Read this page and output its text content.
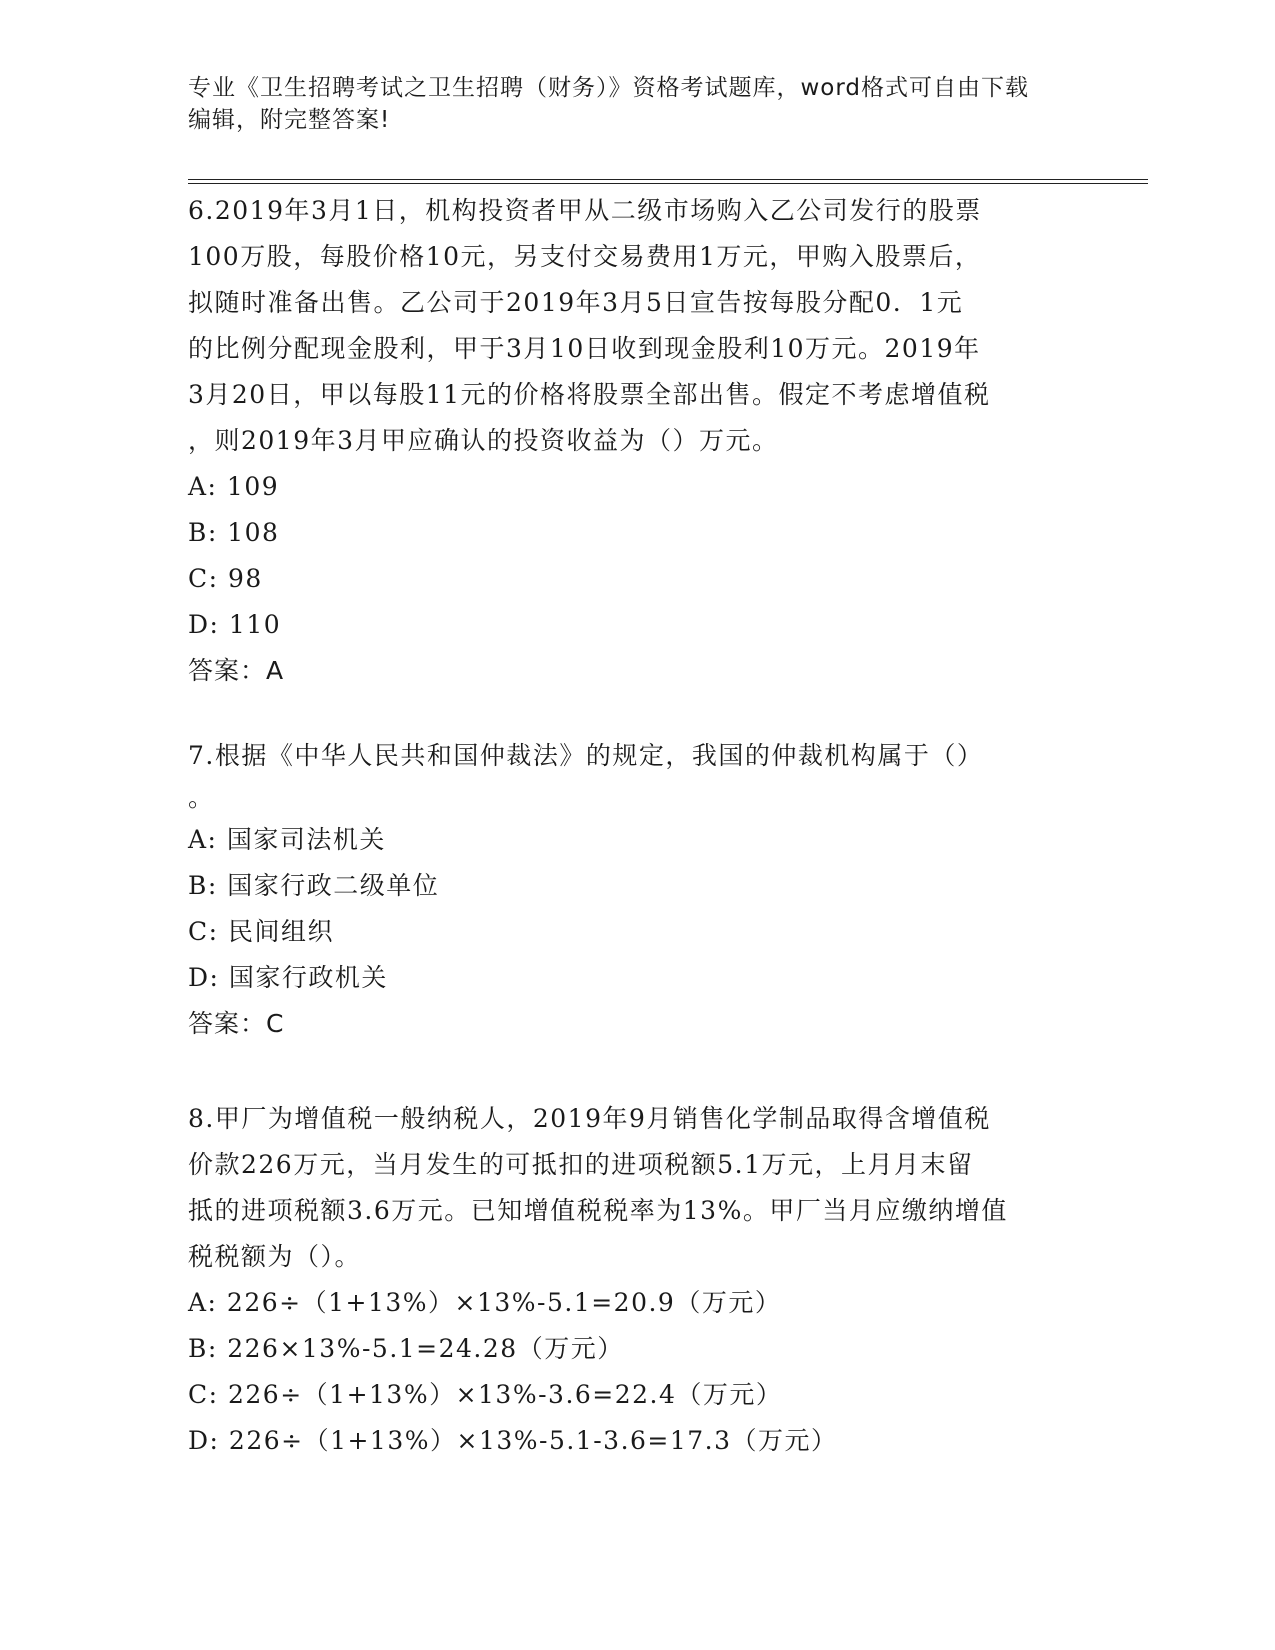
专业《卫生招聘考试之卫生招聘（财务）》资格考试题库，word格式可自由下载
编辑，附完整答案!
6.2019年3月1日，机构投资者甲从二级市场购入乙公司发行的股票
100万股，每股价格10元，另支付交易费用1万元，甲购入股票后，
拟随时准备出售。乙公司于2019年3月5日宣告按每股分配0．1元
的比例分配现金股利，甲于3月10日收到现金股利10万元。2019年
3月20日，甲以每股11元的价格将股票全部出售。假定不考虑增值税
，则2019年3月甲应确认的投资收益为（）万元。
A: 109
B: 108
C: 98
D: 110
答案：A
7.根据《中华人民共和国仲裁法》的规定，我国的仲裁机构属于（）
。
A: 国家司法机关
B: 国家行政二级单位
C: 民间组织
D: 国家行政机关
答案：C
8.甲厂为增值税一般纳税人，2019年9月销售化学制品取得含增值税
价款226万元，当月发生的可抵扣的进项税额5.1万元，上月月末留
抵的进项税额3.6万元。已知增值税税率为13%。甲厂当月应缴纳增值
税税额为（）。
A: 226÷（1+13%）×13%-5.1=20.9（万元）
B: 226×13%-5.1=24.28（万元）
C: 226÷（1+13%）×13%-3.6=22.4（万元）
D: 226÷（1+13%）×13%-5.1-3.6=17.3（万元）
